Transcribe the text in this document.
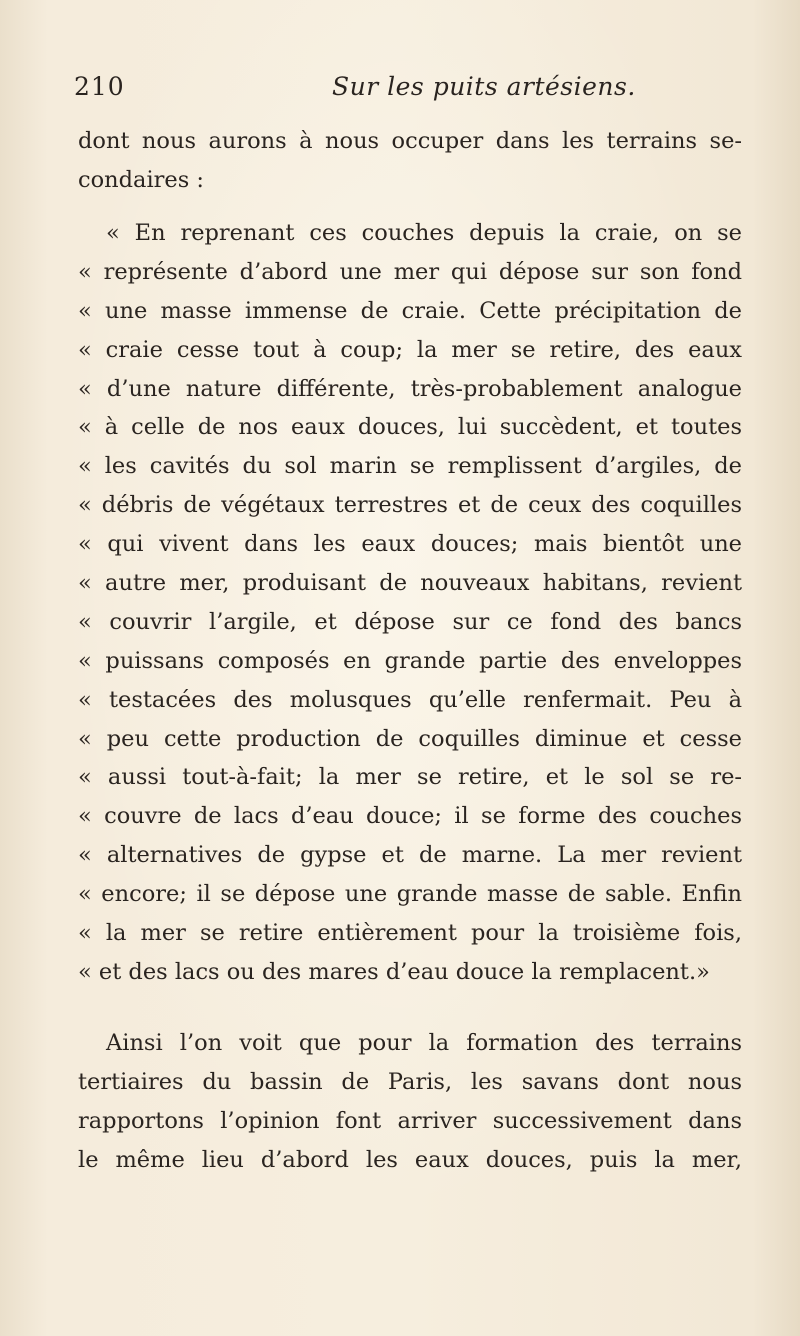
210	Sur les puits artésiens.
dont nous aurons à nous occuper dans les terrains se-
condaires :
« En reprenant ces couches depuis la craie, on se
« représente d’abord une mer qui dépose sur son fond
« une masse immense de craie. Cette précipitation de
« craie cesse tout à coup; la mer se retire, des eaux
« d’une nature différente, très-probablement analogue
« à celle de nos eaux douces, lui succèdent, et toutes
« les cavités du sol marin se remplissent d’argiles, de
« débris de végétaux terrestres et de ceux des coquilles
« qui vivent dans les eaux douces; mais bientôt une
« autre mer, produisant de nouveaux habitans, revient
« couvrir l’argile, et dépose sur ce fond des bancs
« puissans composés en grande partie des enveloppes
« testacées des molusques qu’elle renfermait. Peu à
« peu cette production de coquilles diminue et cesse
« aussi tout-à-fait; la mer se retire, et le sol se re-
« couvre de lacs d’eau douce; il se forme des couches
« alternatives de gypse et de marne. La mer revient
« encore; il se dépose une grande masse de sable. Enfin
« la mer se retire entièrement pour la troisième fois,
« et des lacs ou des mares d’eau douce la remplacent.»
Ainsi l’on voit que pour la formation des terrains
tertiaires du bassin de Paris, les savans dont nous
rapportons l’opinion font arriver successivement dans
le même lieu d’abord les eaux douces, puis la mer,
